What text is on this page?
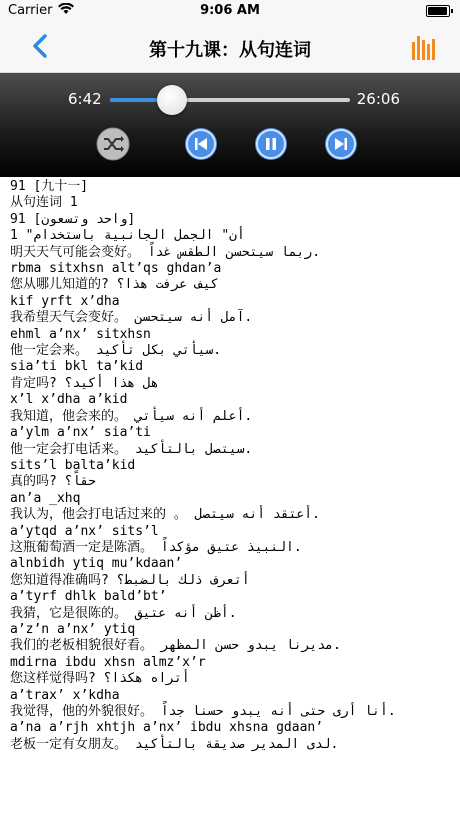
Carrier	9:06 AM
第十九课：从句连词
6:42	26:06
91 [九十一]
从句连词 1
91 [واحد وتسعون]
1 "أن" الجمل الجانبية باستخدام
明天天气可能会变好。 ربما سيتحسن الطقس غداً.
rbma sitxhsn alt’qs ghdan’a
您从哪儿知道的? كيف عرفت هذا؟
kif yrft x’dha
我希望天气会变好。 آمل أنه سيتحسن.
ehml a’nx’ sitxhsn
他一定会来。 سيأتي بكل تأكيد.
sia’ti bkl ta’kid
肯定吗? هل هذا أكيد؟
x’l x’dha a’kid
我知道，他会来的。 أعلم أنه سيأتي.
a’ylm a’nx’ sia’ti
他一定会打电话来。 سيتصل بالتأكيد.
sits’l balta’kid
真的吗? حقاً؟
an’a _xhq
我认为，他会打电话过来的 。 أعتقد أنه سيتصل.
a’ytqd a’nx’ sits’l
这瓶葡萄酒一定是陈酒。 النبيذ عتيق مؤكداً.
alnbidh ytiq mu’kdaan’
您知道得准确吗? أتعرف ذلك بالضبط؟
a’tyrf dhlk bald’bt’
我猜，它是很陈的。 أظن أنه عتيق.
a’z’n a’nx’ ytiq
我们的老板相貌很好看。 مديرنا يبدو حسن المظهر.
mdirna ibdu xhsn almz’x’r
您这样觉得吗? أتراه هكذا؟
a’trax’ x’kdha
我觉得，他的外貌很好。 أنا أرى حتى أنه يبدو حسنا جداً.
a’na a’rjh xhtjh a’nx’ ibdu xhsna gdaan’
老板一定有女朋友。 لدى المدير صديقة بالتأكيد.
